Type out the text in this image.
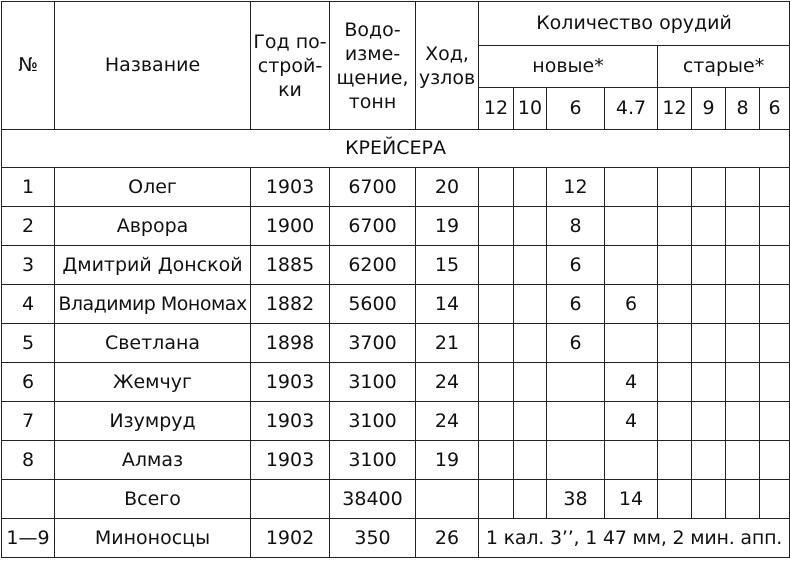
№	Название	Год постройки	Водоизмещение, тонн	Ход, узлов	Количество орудий							
					новые*				старые*			
					12	10	6	4.7	12	9	8	6
КРЕЙСЕРА												
1	Олег	1903	6700	20			12					
2	Аврора	1900	6700	19			8					
3	Дмитрий Донской	1885	6200	15			6					
4	Владимир Мономах	1882	5600	14			6	6				
5	Светлана	1898	3700	21			6					
6	Жемчуг	1903	3100	24				4				
7	Изумруд	1903	3100	24				4				
8	Алмаз	1903	3100	19								
	Всего		38400				38	14				
1—9	Миноносцы	1902	350	26	1 кал. 3’’, 1 47 мм, 2 мин. апп.							
